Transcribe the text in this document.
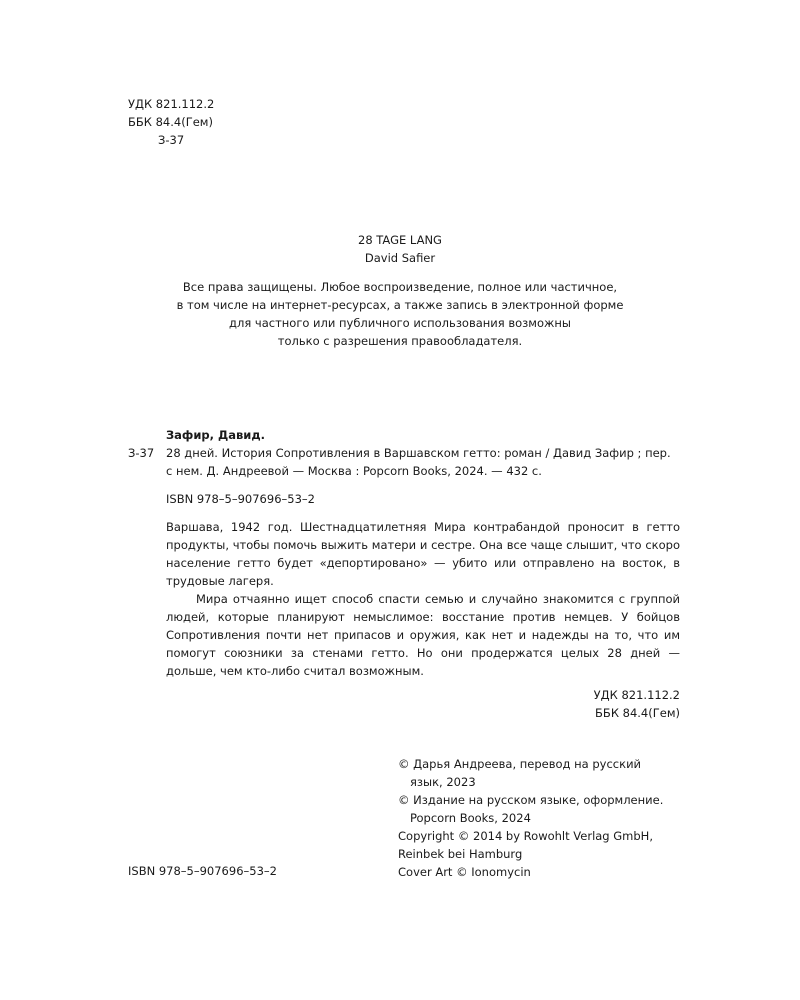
УДК 821.112.2
ББК 84.4(Гем)
З-37
28 TAGE LANG
David Safier
Все права защищены. Любое воспроизведение, полное или частичное,
в том числе на интернет-ресурсах, а также запись в электронной форме
для частного или публичного использования возможны
только с разрешения правообладателя.
Зафир, Давид.
З-37	28 дней. История Сопротивления в Варшавском гетто: роман / Давид Зафир ; пер. с нем. Д. Андреевой — Москва : Popcorn Books, 2024. — 432 с.
ISBN 978–5–907696–53–2
Варшава, 1942 год. Шестнадцатилетняя Мира контрабандой проносит в гетто продукты, чтобы помочь выжить матери и сестре. Она все чаще слышит, что скоро население гетто будет «депортировано» — убито или отправлено на восток, в трудовые лагеря.
Мира отчаянно ищет способ спасти семью и случайно знакомится с группой людей, которые планируют немыслимое: восстание против немцев. У бойцов Сопротивления почти нет припасов и оружия, как нет и надежды на то, что им помогут союзники за стенами гетто. Но они продержатся целых 28 дней — дольше, чем кто-либо считал возможным.
УДК 821.112.2
ББК 84.4(Гем)
© Дарья Андреева, перевод на русский
язык, 2023
© Издание на русском языке, оформление.
Popcorn Books, 2024
Copyright © 2014 by Rowohlt Verlag GmbH,
Reinbek bei Hamburg
Cover Art © Ionomycin
ISBN 978–5–907696–53–2
